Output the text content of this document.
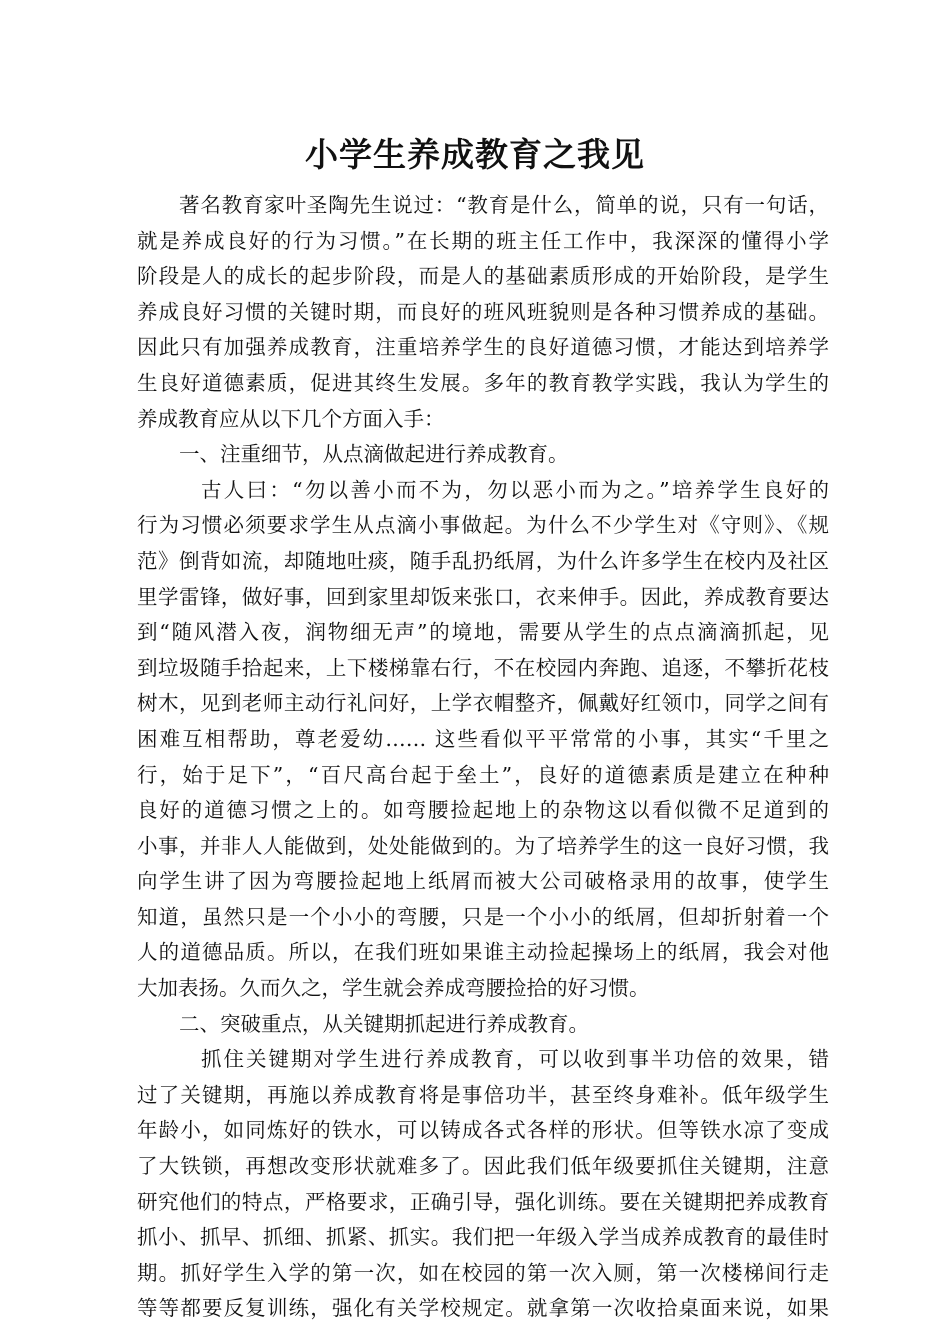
小学生养成教育之我见
著名教育家叶圣陶先生说过：“教育是什么，简单的说，只有一句话，
就是养成良好的行为习惯。”在长期的班主任工作中，我深深的懂得小学
阶段是人的成长的起步阶段，而是人的基础素质形成的开始阶段，是学生
养成良好习惯的关键时期，而良好的班风班貌则是各种习惯养成的基础。
因此只有加强养成教育，注重培养学生的良好道德习惯，才能达到培养学
生良好道德素质，促进其终生发展。多年的教育教学实践，我认为学生的
养成教育应从以下几个方面入手：
一、注重细节，从点滴做起进行养成教育。
古人曰：“勿以善小而不为，勿以恶小而为之。”培养学生良好的
行为习惯必须要求学生从点滴小事做起。为什么不少学生对《守则》、《规
范》倒背如流，却随地吐痰，随手乱扔纸屑，为什么许多学生在校内及社区
里学雷锋，做好事，回到家里却饭来张口，衣来伸手。因此，养成教育要达
到“随风潜入夜，润物细无声”的境地，需要从学生的点点滴滴抓起，见
到垃圾随手拾起来，上下楼梯靠右行，不在校园内奔跑、追逐，不攀折花枝
树木，见到老师主动行礼问好，上学衣帽整齐，佩戴好红领巾，同学之间有
困难互相帮助，尊老爱幼…… 这些看似平平常常的小事，其实“千里之
行，始于足下”，“百尺高台起于垒土”，良好的道德素质是建立在种种
良好的道德习惯之上的。如弯腰捡起地上的杂物这以看似微不足道到的
小事，并非人人能做到，处处能做到的。为了培养学生的这一良好习惯，我
向学生讲了因为弯腰捡起地上纸屑而被大公司破格录用的故事，使学生
知道，虽然只是一个小小的弯腰，只是一个小小的纸屑，但却折射着一个
人的道德品质。所以，在我们班如果谁主动捡起操场上的纸屑，我会对他
大加表扬。久而久之，学生就会养成弯腰捡拾的好习惯。
二、突破重点，从关键期抓起进行养成教育。
抓住关键期对学生进行养成教育，可以收到事半功倍的效果，错
过了关键期，再施以养成教育将是事倍功半，甚至终身难补。低年级学生
年龄小，如同炼好的铁水，可以铸成各式各样的形状。但等铁水凉了变成
了大铁锁，再想改变形状就难多了。因此我们低年级要抓住关键期，注意
研究他们的特点，严格要求，正确引导，强化训练。要在关键期把养成教育
抓小、抓早、抓细、抓紧、抓实。我们把一年级入学当成养成教育的最佳时
期。抓好学生入学的第一次，如在校园的第一次入厕，第一次楼梯间行走
等等都要反复训练，强化有关学校规定。就拿第一次收拾桌面来说，如果
